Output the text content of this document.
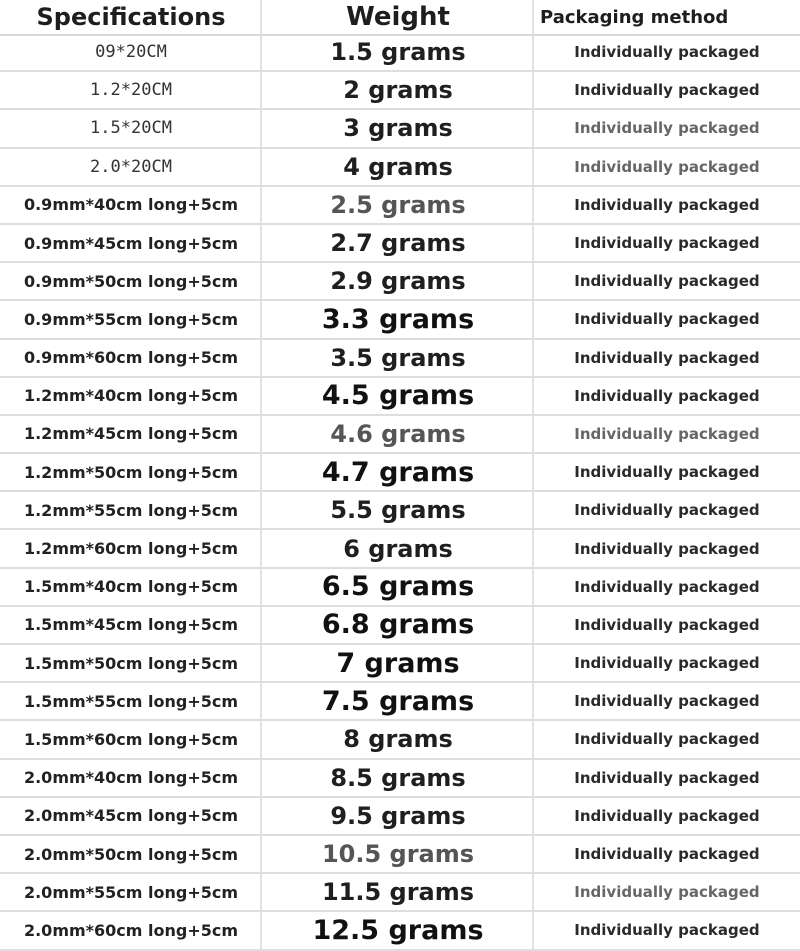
Specifications	Weight	Packaging method
09*20CM	1.5 grams	Individually packaged
1.2*20CM	2 grams	Individually packaged
1.5*20CM	3 grams	Individually packaged
2.0*20CM	4 grams	Individually packaged
0.9mm*40cm long+5cm	2.5 grams	Individually packaged
0.9mm*45cm long+5cm	2.7 grams	Individually packaged
0.9mm*50cm long+5cm	2.9 grams	Individually packaged
0.9mm*55cm long+5cm	3.3 grams	Individually packaged
0.9mm*60cm long+5cm	3.5 grams	Individually packaged
1.2mm*40cm long+5cm	4.5 grams	Individually packaged
1.2mm*45cm long+5cm	4.6 grams	Individually packaged
1.2mm*50cm long+5cm	4.7 grams	Individually packaged
1.2mm*55cm long+5cm	5.5 grams	Individually packaged
1.2mm*60cm long+5cm	6 grams	Individually packaged
1.5mm*40cm long+5cm	6.5 grams	Individually packaged
1.5mm*45cm long+5cm	6.8 grams	Individually packaged
1.5mm*50cm long+5cm	7 grams	Individually packaged
1.5mm*55cm long+5cm	7.5 grams	Individually packaged
1.5mm*60cm long+5cm	8 grams	Individually packaged
2.0mm*40cm long+5cm	8.5 grams	Individually packaged
2.0mm*45cm long+5cm	9.5 grams	Individually packaged
2.0mm*50cm long+5cm	10.5 grams	Individually packaged
2.0mm*55cm long+5cm	11.5 grams	Individually packaged
2.0mm*60cm long+5cm	12.5 grams	Individually packaged
